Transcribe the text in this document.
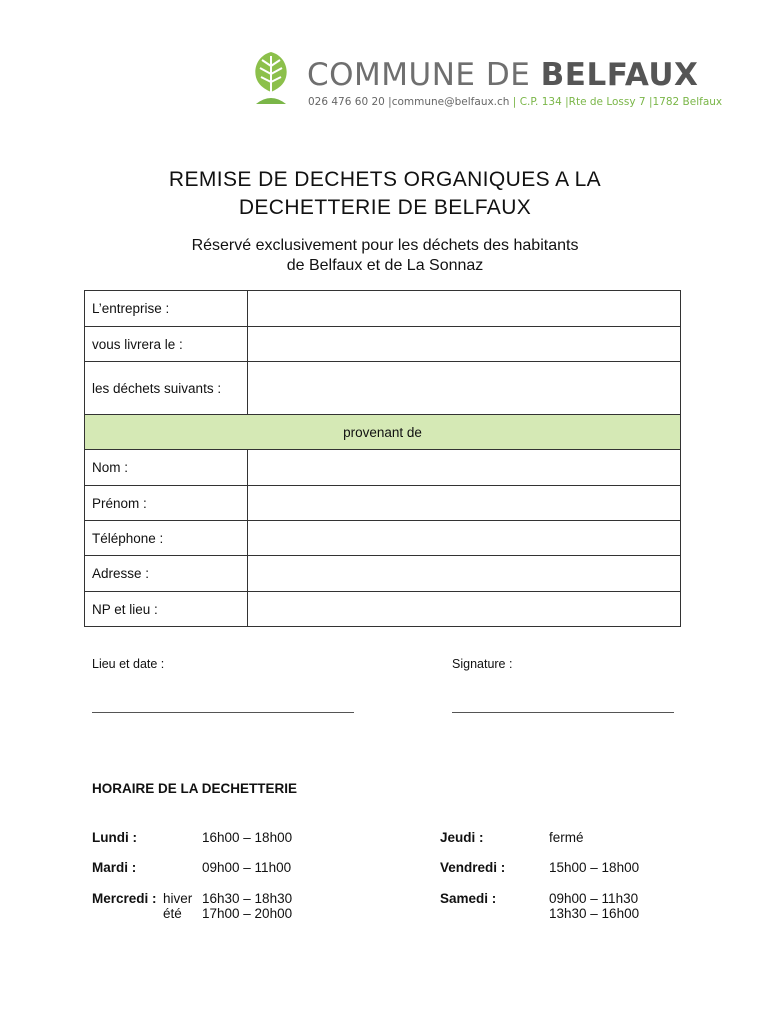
COMMUNE DE BELFAUX
026 476 60 20 |commune@belfaux.ch | C.P. 134 |Rte de Lossy 7 |1782 Belfaux
REMISE DE DECHETS ORGANIQUES A LA
DECHETTERIE DE BELFAUX
Réservé exclusivement pour les déchets des habitants
de Belfaux et de La Sonnaz
L’entreprise :	
vous livrera le :	
les déchets suivants :	
provenant de	
Nom :	
Prénom :	
Téléphone :	
Adresse :	
NP et lieu :	
Lieu et date :	Signature :
HORAIRE DE LA DECHETTERIE
Lundi :	16h00 – 18h00
Mardi :	09h00 – 11h00
Mercredi : hiver 16h30 – 18h30
été 17h00 – 20h00
Jeudi :	fermé
Vendredi :	15h00 – 18h00
Samedi :	09h00 – 11h30
13h30 – 16h00
